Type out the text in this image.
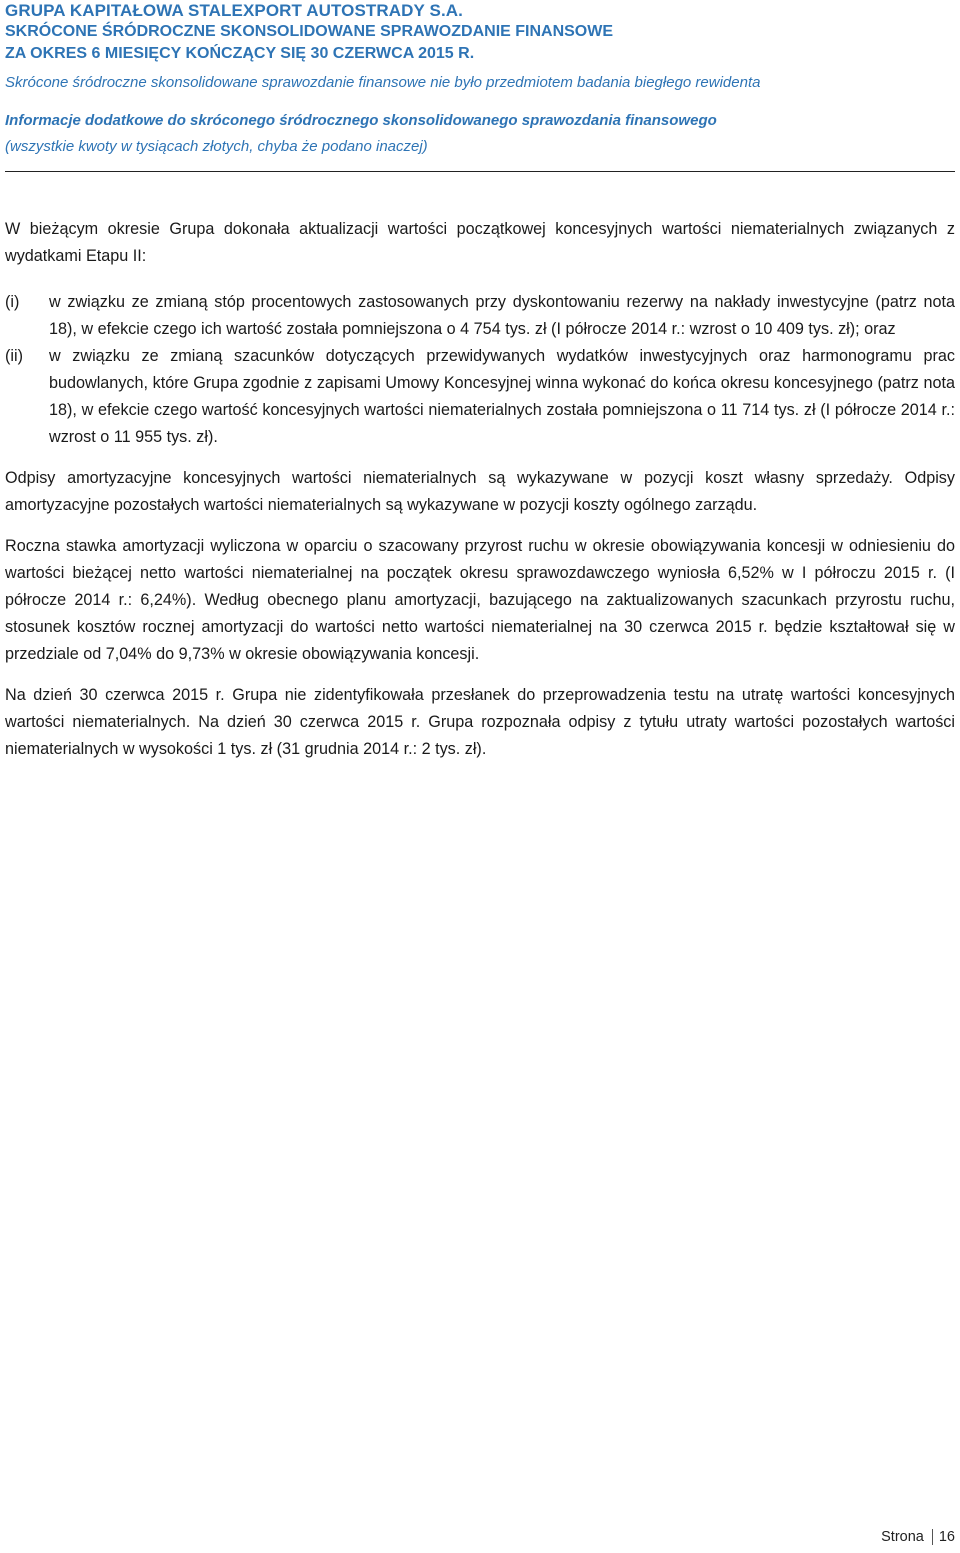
GRUPA KAPITAŁOWA STALEXPORT AUTOSTRADY S.A.
SKRÓCONE ŚRÓDROCZNE SKONSOLIDOWANE SPRAWOZDANIE FINANSOWE
ZA OKRES 6 MIESIĘCY KOŃCZĄCY SIĘ 30 CZERWCA 2015 R.
Skrócone śródroczne skonsolidowane sprawozdanie finansowe nie było przedmiotem badania biegłego rewidenta
Informacje dodatkowe do skróconego śródrocznego skonsolidowanego sprawozdania finansowego
(wszystkie kwoty w tysiącach złotych, chyba że podano inaczej)

W bieżącym okresie Grupa dokonała aktualizacji wartości początkowej koncesyjnych wartości niematerialnych związanych z wydatkami Etapu II:

(i)	w związku ze zmianą stóp procentowych zastosowanych przy dyskontowaniu rezerwy na nakłady inwestycyjne (patrz nota 18), w efekcie czego ich wartość została pomniejszona o 4 754 tys. zł (I półrocze 2014 r.: wzrost o 10 409 tys. zł); oraz
(ii)	w związku ze zmianą szacunków dotyczących przewidywanych wydatków inwestycyjnych oraz harmonogramu prac budowlanych, które Grupa zgodnie z zapisami Umowy Koncesyjnej winna wykonać do końca okresu koncesyjnego (patrz nota 18), w efekcie czego wartość koncesyjnych wartości niematerialnych została pomniejszona o 11 714 tys. zł (I półrocze 2014 r.: wzrost o 11 955 tys. zł).

Odpisy amortyzacyjne koncesyjnych wartości niematerialnych są wykazywane w pozycji koszt własny sprzedaży. Odpisy amortyzacyjne pozostałych wartości niematerialnych są wykazywane w pozycji koszty ogólnego zarządu.

Roczna stawka amortyzacji wyliczona w oparciu o szacowany przyrost ruchu w okresie obowiązywania koncesji w odniesieniu do wartości bieżącej netto wartości niematerialnej na początek okresu sprawozdawczego wyniosła 6,52% w I półroczu 2015 r. (I półrocze 2014 r.: 6,24%). Według obecnego planu amortyzacji, bazującego na zaktualizowanych szacunkach przyrostu ruchu, stosunek kosztów rocznej amortyzacji do wartości netto wartości niematerialnej na 30 czerwca 2015 r. będzie kształtował się w przedziale od 7,04% do 9,73% w okresie obowiązywania koncesji.

Na dzień 30 czerwca 2015 r. Grupa nie zidentyfikowała przesłanek do przeprowadzenia testu na utratę wartości koncesyjnych wartości niematerialnych. Na dzień 30 czerwca 2015 r. Grupa rozpoznała odpisy z tytułu utraty wartości pozostałych wartości niematerialnych w wysokości 1 tys. zł (31 grudnia 2014 r.: 2 tys. zł).

Strona 16
